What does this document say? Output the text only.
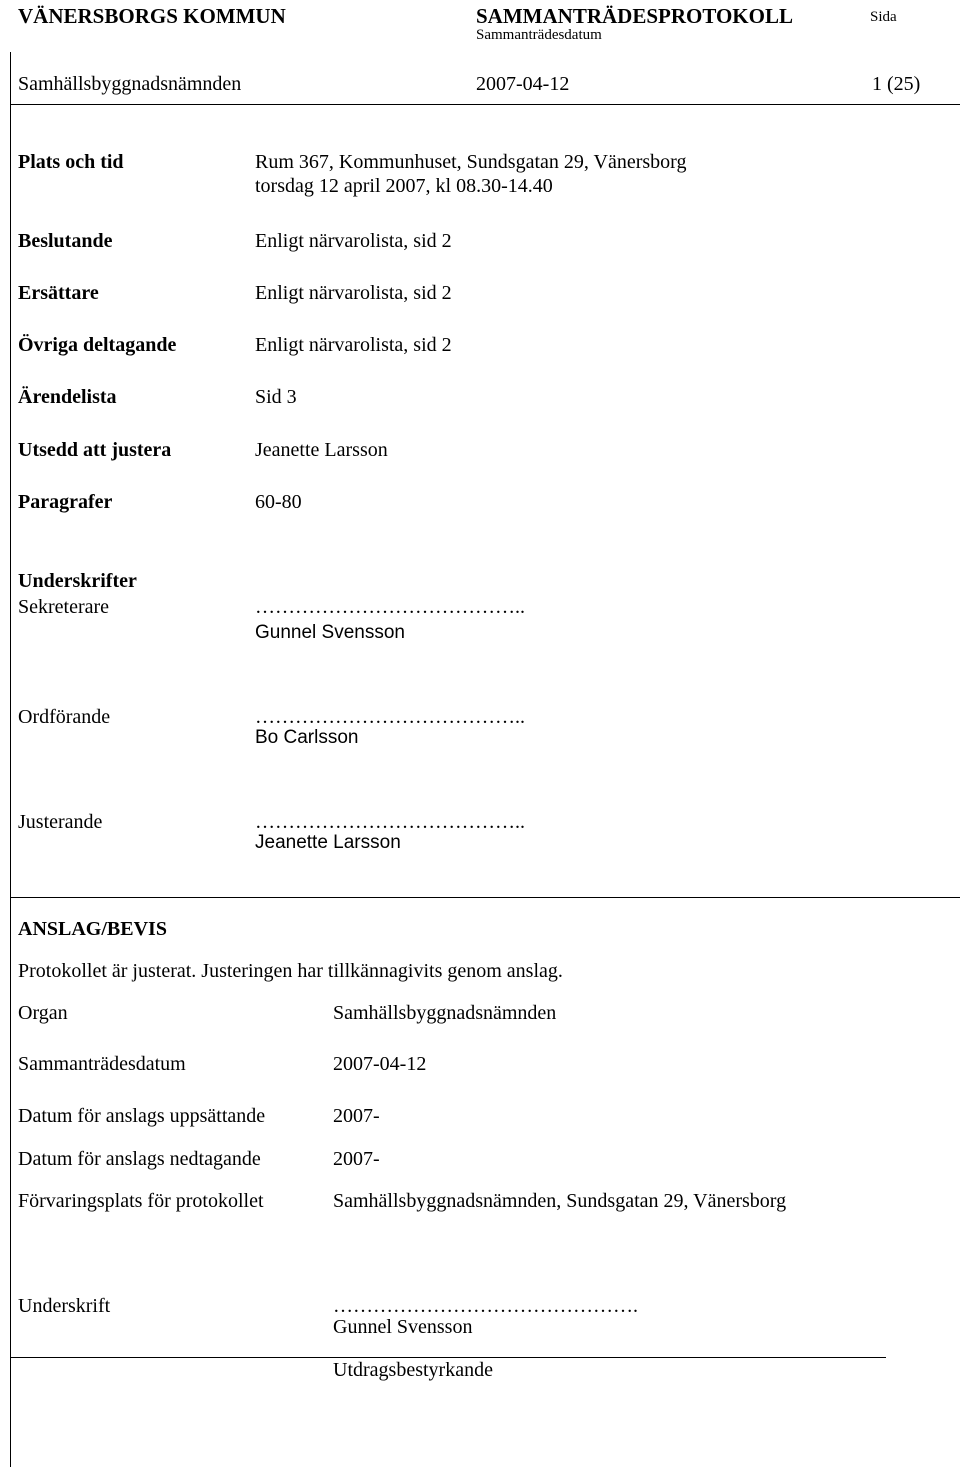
VÄNERSBORGS KOMMUN	SAMMANTRÄDESPROTOKOLL	Sida
Sammanträdesdatum
Samhällsbyggnadsnämnden	2007-04-12	1 (25)
Plats och tid	Rum 367, Kommunhuset, Sundsgatan 29, Vänersborg
torsdag 12 april 2007, kl 08.30-14.40
Beslutande	Enligt närvarolista, sid 2
Ersättare	Enligt närvarolista, sid 2
Övriga deltagande	Enligt närvarolista, sid 2
Ärendelista	Sid 3
Utsedd att justera	Jeanette Larsson
Paragrafer	60-80
Underskrifter
Sekreterare	…………………………………..
Gunnel Svensson
Ordförande	…………………………………..
Bo Carlsson
Justerande	…………………………………..
Jeanette Larsson
ANSLAG/BEVIS
Protokollet är justerat. Justeringen har tillkännagivits genom anslag.
Organ	Samhällsbyggnadsnämnden
Sammanträdesdatum	2007-04-12
Datum för anslags uppsättande	2007-
Datum för anslags nedtagande	2007-
Förvaringsplats för protokollet	Samhällsbyggnadsnämnden, Sundsgatan 29, Vänersborg
Underskrift	……………………………………….
Gunnel Svensson
Utdragsbestyrkande
